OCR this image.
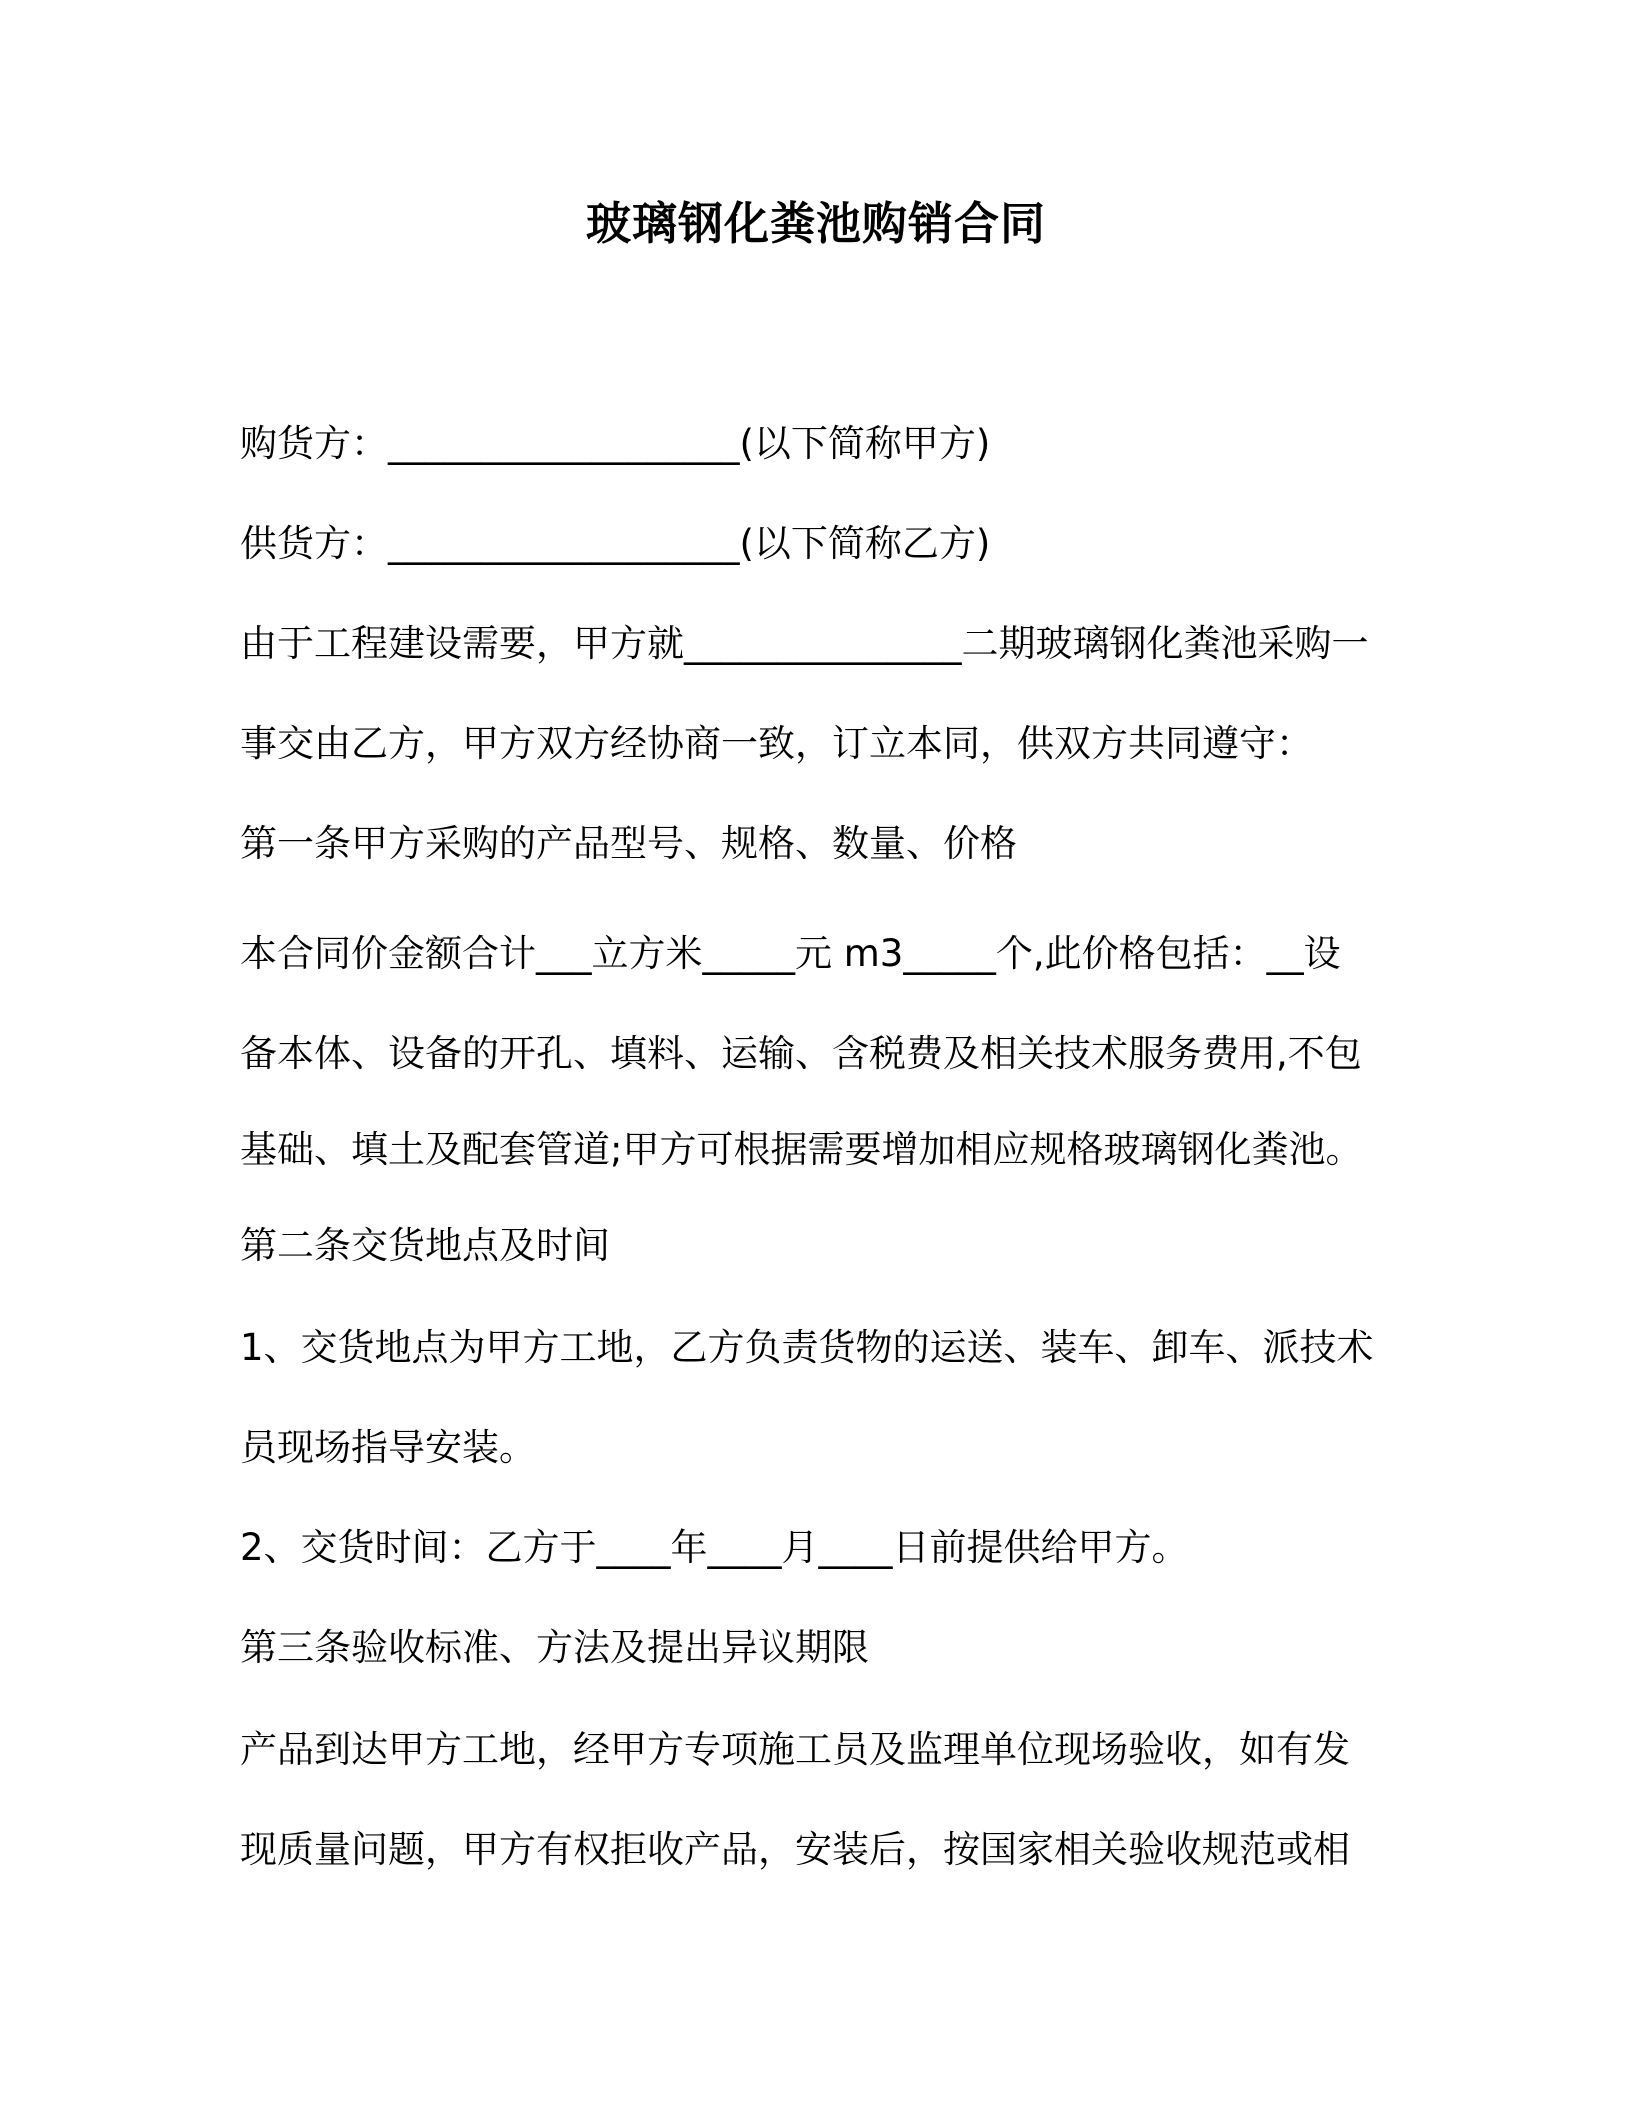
玻璃钢化粪池购销合同
购货方：___________________(以下简称甲方)
供货方：___________________(以下简称乙方)
由于工程建设需要，甲方就_______________二期玻璃钢化粪池采购一
事交由乙方，甲方双方经协商一致，订立本同，供双方共同遵守：
第一条甲方采购的产品型号、规格、数量、价格
本合同价金额合计___立方米_____元 m3_____个,此价格包括：__设
备本体、设备的开孔、填料、运输、含税费及相关技术服务费用,不包
基础、填土及配套管道;甲方可根据需要增加相应规格玻璃钢化粪池。
第二条交货地点及时间
1、交货地点为甲方工地，乙方负责货物的运送、装车、卸车、派技术
员现场指导安装。
2、交货时间：乙方于____年____月____日前提供给甲方。
第三条验收标准、方法及提出异议期限
产品到达甲方工地，经甲方专项施工员及监理单位现场验收，如有发
现质量问题，甲方有权拒收产品，安装后，按国家相关验收规范或相
